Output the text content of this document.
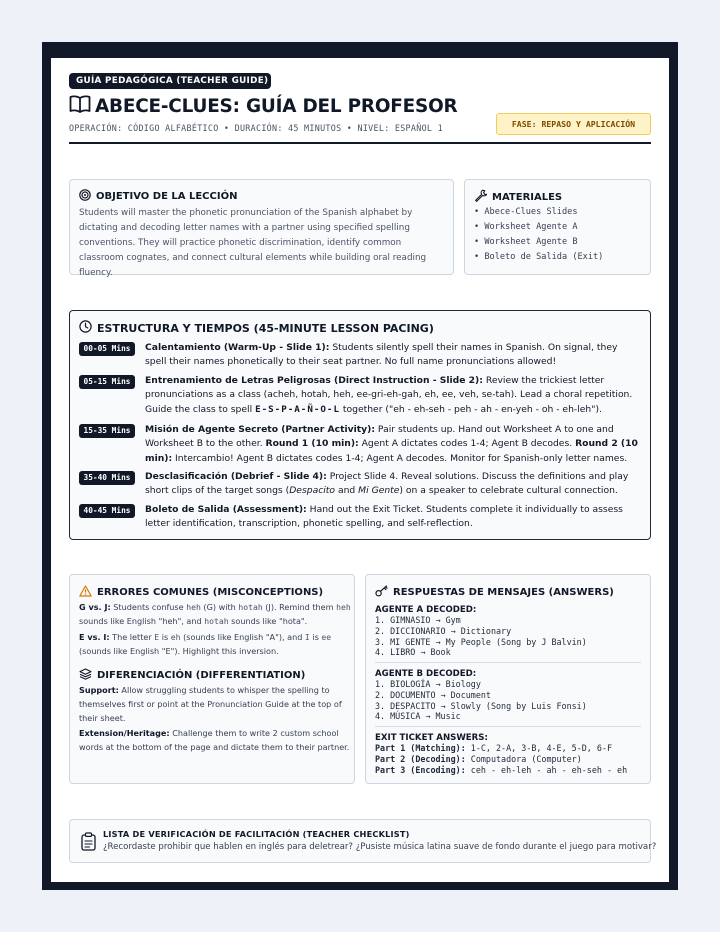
GUÍA PEDAGÓGICA (TEACHER GUIDE)
ABECE-CLUES: GUÍA DEL PROFESOR
OPERACIÓN: CÓDIGO ALFABÉTICO • DURACIÓN: 45 MINUTOS • NIVEL: ESPAÑOL 1	FASE: REPASO Y APLICACIÓN
OBJETIVO DE LA LECCIÓN
Students will master the phonetic pronunciation of the Spanish alphabet by dictating and decoding letter names with a partner using specified spelling conventions. They will practice phonetic discrimination, identify common classroom cognates, and connect cultural elements while building oral reading fluency.
MATERIALES
• Abece-Clues Slides
• Worksheet Agente A
• Worksheet Agente B
• Boleto de Salida (Exit)
ESTRUCTURA Y TIEMPOS (45-MINUTE LESSON PACING)
00-05 Mins	Calentamiento (Warm-Up - Slide 1): Students silently spell their names in Spanish. On signal, they spell their names phonetically to their seat partner. No full name pronunciations allowed!
05-15 Mins	Entrenamiento de Letras Peligrosas (Direct Instruction - Slide 2): Review the trickiest letter pronunciations as a class (acheh, hotah, heh, ee-gri-eh-gah, eh, ee, veh, se-tah). Lead a choral repetition. Guide the class to spell E-S-P-A-Ñ-O-L together ("eh - eh-seh - peh - ah - en-yeh - oh - eh-leh").
15-35 Mins	Misión de Agente Secreto (Partner Activity): Pair students up. Hand out Worksheet A to one and Worksheet B to the other. Round 1 (10 min): Agent A dictates codes 1-4; Agent B decodes. Round 2 (10 min): Intercambio! Agent B dictates codes 1-4; Agent A decodes. Monitor for Spanish-only letter names.
35-40 Mins	Desclasificación (Debrief - Slide 4): Project Slide 4. Reveal solutions. Discuss the definitions and play short clips of the target songs (Despacito and Mi Gente) on a speaker to celebrate cultural connection.
40-45 Mins	Boleto de Salida (Assessment): Hand out the Exit Ticket. Students complete it individually to assess letter identification, transcription, phonetic spelling, and self-reflection.
ERRORES COMUNES (MISCONCEPTIONS)
G vs. J: Students confuse heh (G) with hotah (J). Remind them heh sounds like English "heh", and hotah sounds like "hota".
E vs. I: The letter E is eh (sounds like English "A"), and I is ee (sounds like English "E"). Highlight this inversion.
DIFERENCIACIÓN (DIFFERENTIATION)
Support: Allow struggling students to whisper the spelling to themselves first or point at the Pronunciation Guide at the top of their sheet.
Extension/Heritage: Challenge them to write 2 custom school words at the bottom of the page and dictate them to their partner.
RESPUESTAS DE MENSAJES (ANSWERS)
AGENTE A DECODED:
1. GIMNASIO → Gym
2. DICCIONARIO → Dictionary
3. MI GENTE → My People (Song by J Balvin)
4. LIBRO → Book
AGENTE B DECODED:
1. BIOLOGÍA → Biology
2. DOCUMENTO → Document
3. DESPACITO → Slowly (Song by Luis Fonsi)
4. MÚSICA → Music
EXIT TICKET ANSWERS:
Part 1 (Matching): 1-C, 2-A, 3-B, 4-E, 5-D, 6-F
Part 2 (Decoding): Computadora (Computer)
Part 3 (Encoding): ceh - eh-leh - ah - eh-seh - eh
LISTA DE VERIFICACIÓN DE FACILITACIÓN (TEACHER CHECKLIST)
¿Recordaste prohibir que hablen en inglés para deletrear? ¿Pusiste música latina suave de fondo durante el juego para motivar?
